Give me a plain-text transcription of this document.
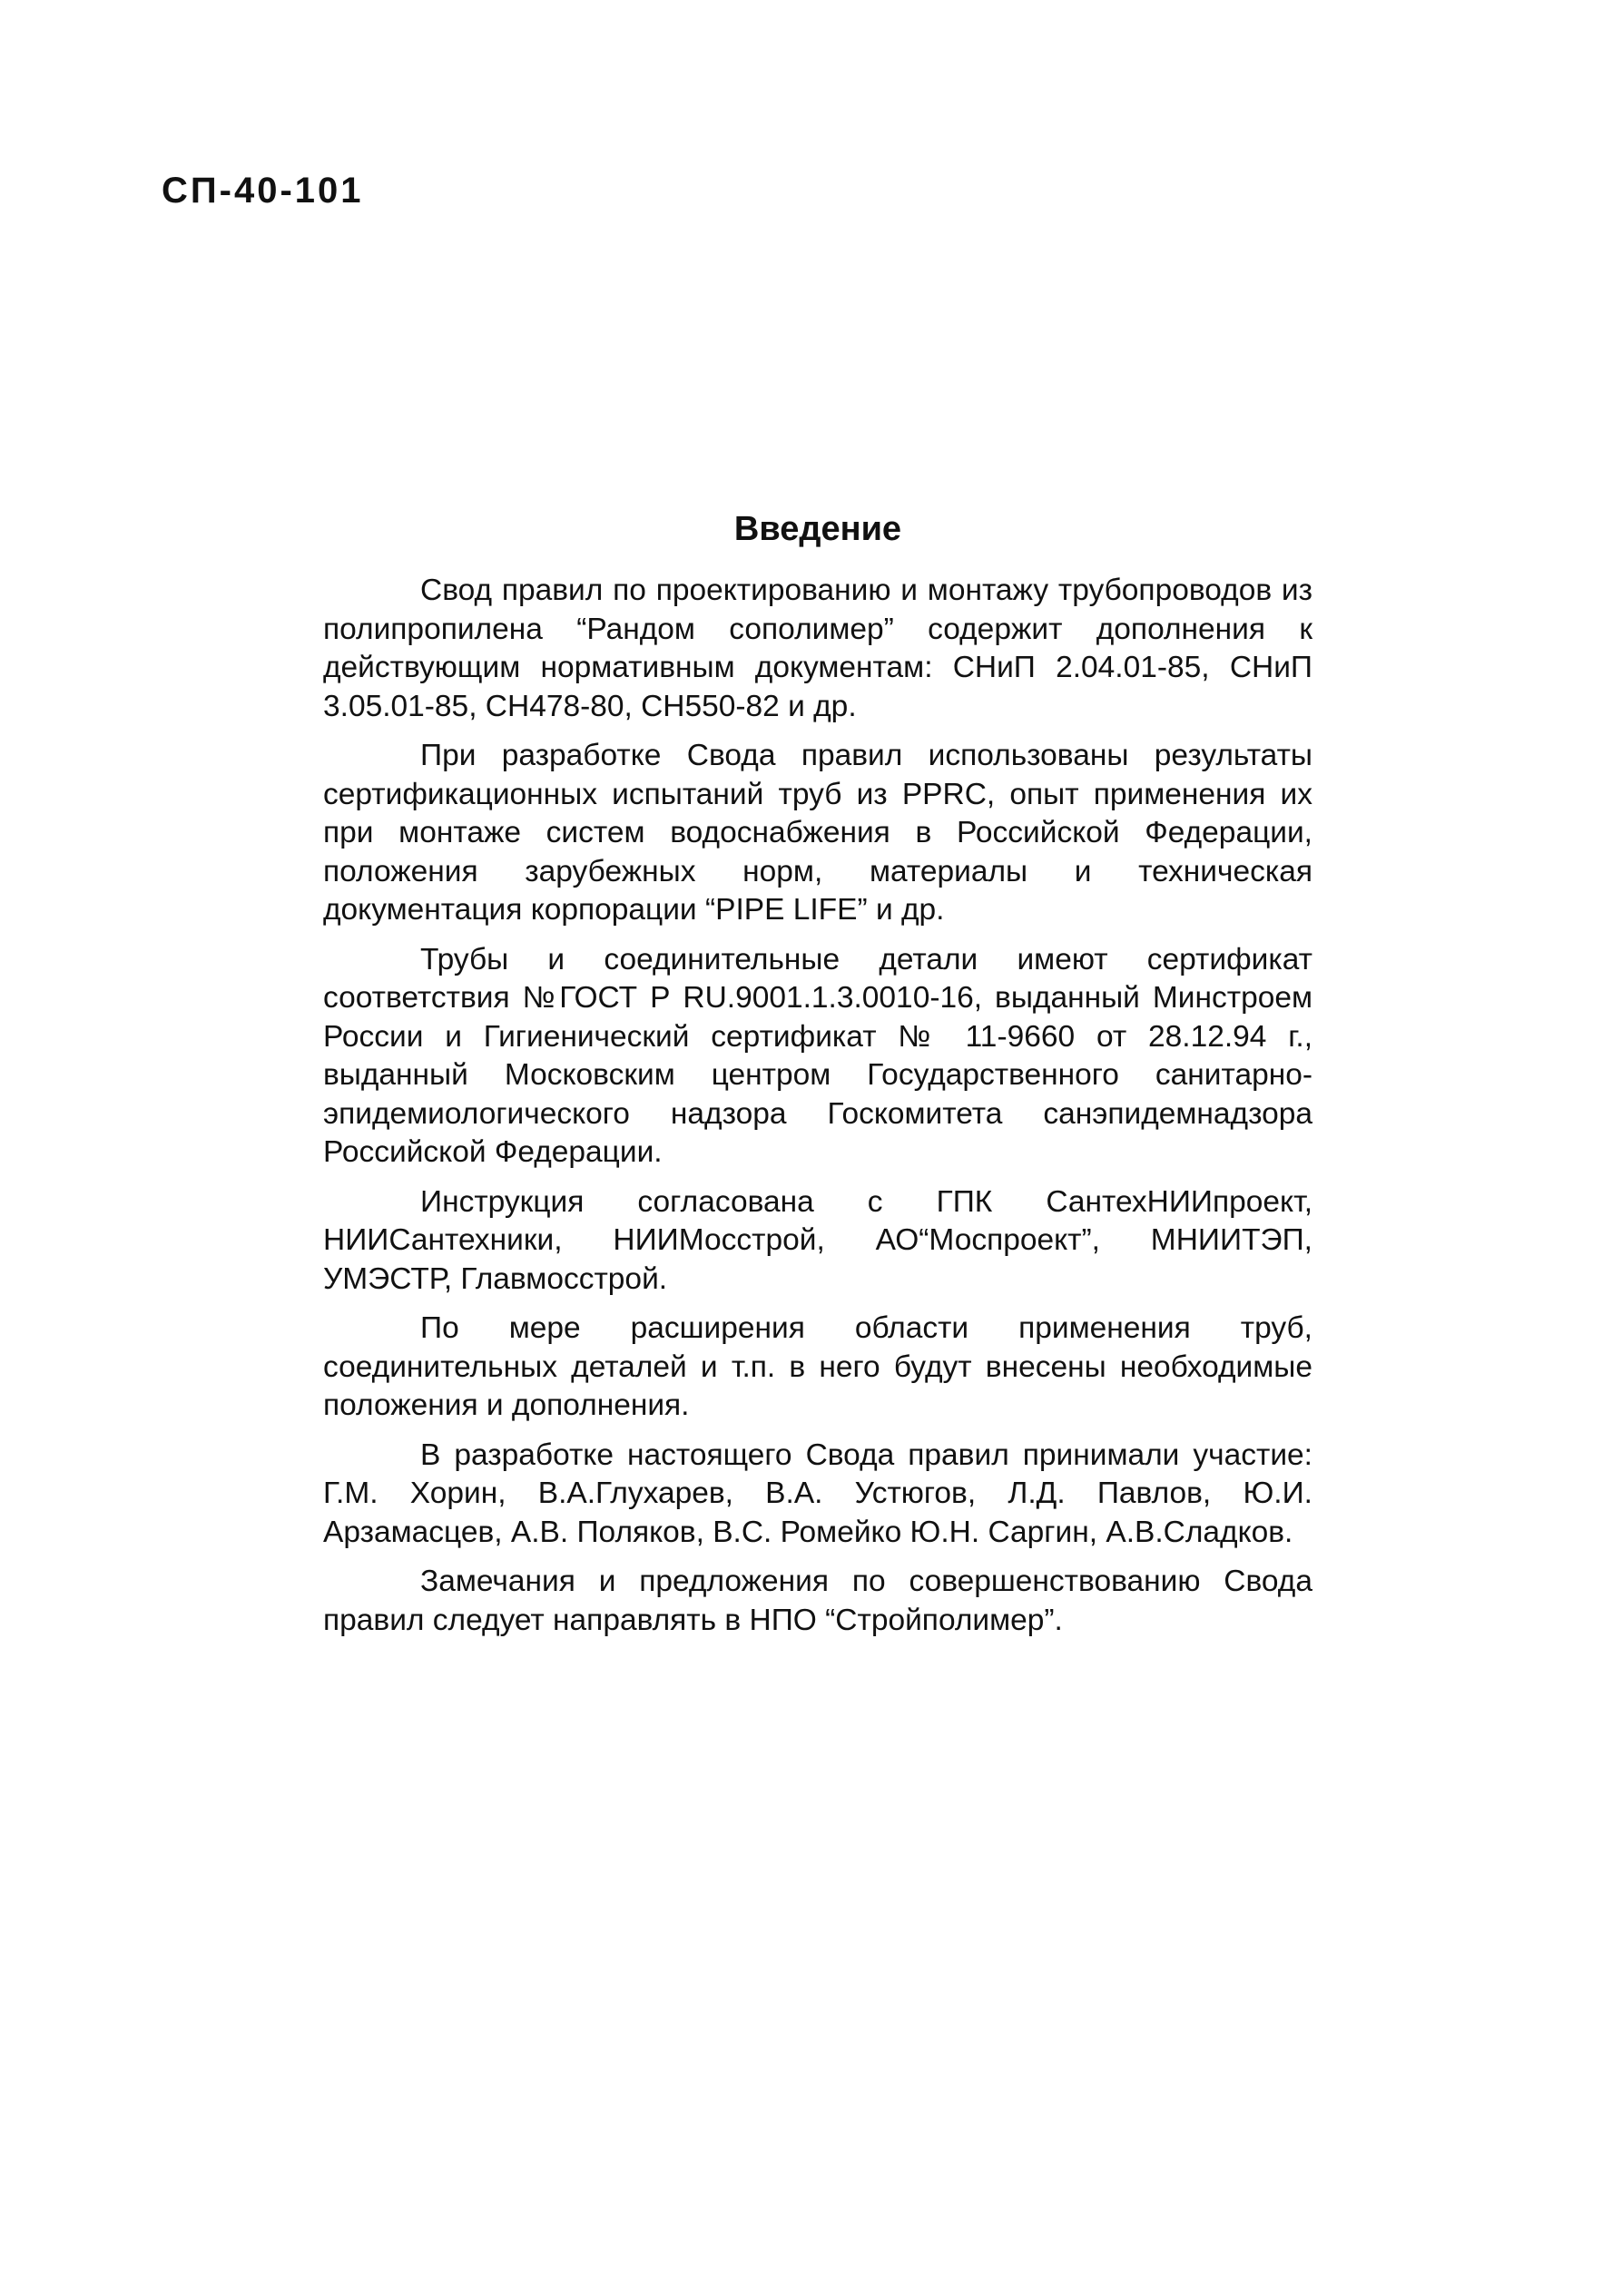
СП-40-101
Введение

Свод правил по проектированию и монтажу трубопроводов из полипропилена “Рандом сополимер” содержит дополнения к действующим нормативным документам: СНиП 2.04.01-85, СНиП 3.05.01-85, СН478-80, СН550-82 и др.

При разработке Свода правил использованы результаты сертификационных испытаний труб из PPRC, опыт применения их при монтаже систем водоснабжения в Российской Федерации, положения зарубежных норм, материалы и техническая документация корпорации “PIPE LIFE” и др.

Трубы и соединительные детали имеют сертификат соответствия №ГОСТ Р RU.9001.1.3.0010-16, выданный Минстроем России и Гигиенический сертификат № 11-9660 от 28.12.94 г., выданный Московским центром Государственного санитарно-эпидемиологического надзора Госкомитета санэпидемнадзора Российской Федерации.

Инструкция согласована с ГПК СантехНИИпроект, НИИСантехники, НИИМосстрой, АО“Моспроект”, МНИИТЭП, УМЭСТР, Главмосстрой.

По мере расширения области применения труб, соединительных деталей и т.п. в него будут внесены необходимые положения и дополнения.

В разработке настоящего Свода правил принимали участие: Г.М. Хорин, В.А.Глухарев, В.А. Устюгов, Л.Д. Павлов, Ю.И. Арзамасцев, А.В. Поляков, В.С. Ромейко Ю.Н. Саргин, А.В.Сладков.

Замечания и предложения по совершенствованию Свода правил следует направлять в НПО “Стройполимер”.
